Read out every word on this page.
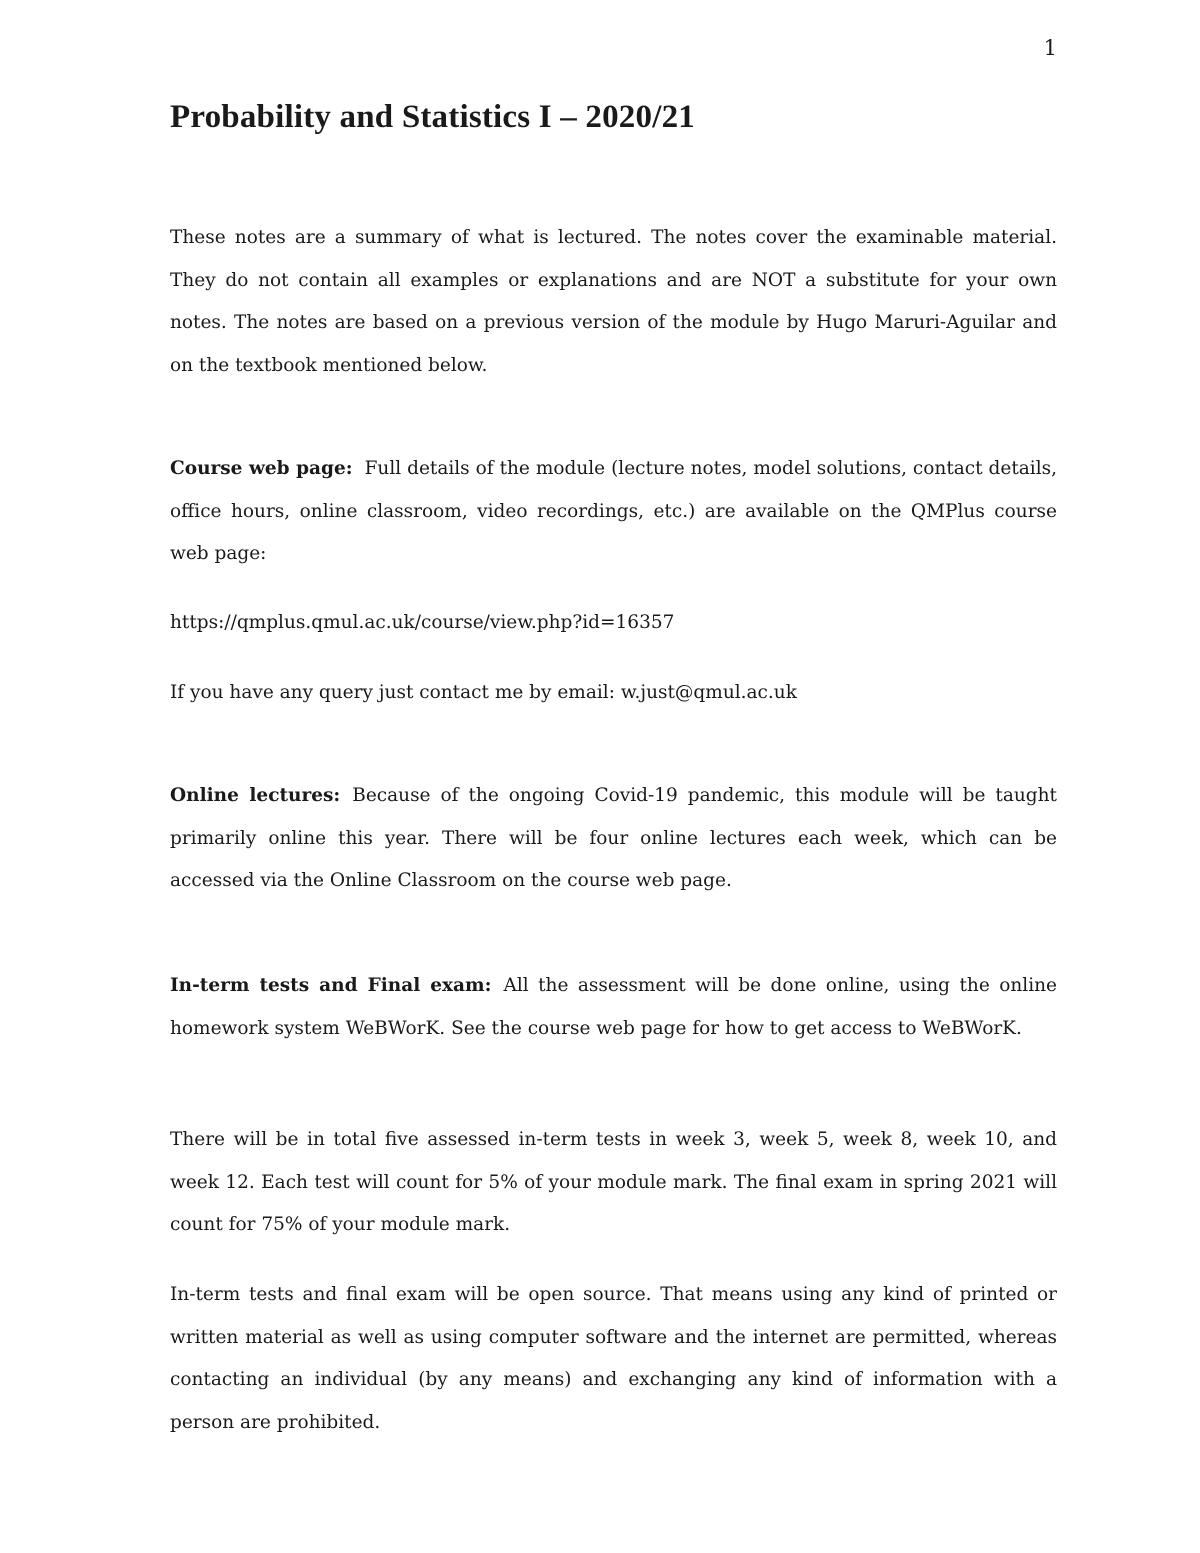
1
Probability and Statistics I – 2020/21

These notes are a summary of what is lectured. The notes cover the examinable material. They do not contain all examples or explanations and are NOT a substitute for your own notes. The notes are based on a previous version of the module by Hugo Maruri-Aguilar and on the textbook mentioned below.

Course web page: Full details of the module (lecture notes, model solutions, contact details, office hours, online classroom, video recordings, etc.) are available on the QMPlus course web page:

https://qmplus.qmul.ac.uk/course/view.php?id=16357

If you have any query just contact me by email: w.just@qmul.ac.uk

Online lectures: Because of the ongoing Covid-19 pandemic, this module will be taught primarily online this year. There will be four online lectures each week, which can be accessed via the Online Classroom on the course web page.

In-term tests and Final exam: All the assessment will be done online, using the online homework system WeBWorK. See the course web page for how to get access to WeBWorK.

There will be in total five assessed in-term tests in week 3, week 5, week 8, week 10, and week 12. Each test will count for 5% of your module mark. The final exam in spring 2021 will count for 75% of your module mark.

In-term tests and final exam will be open source. That means using any kind of printed or written material as well as using computer software and the internet are permitted, whereas contacting an individual (by any means) and exchanging any kind of information with a person are prohibited.
